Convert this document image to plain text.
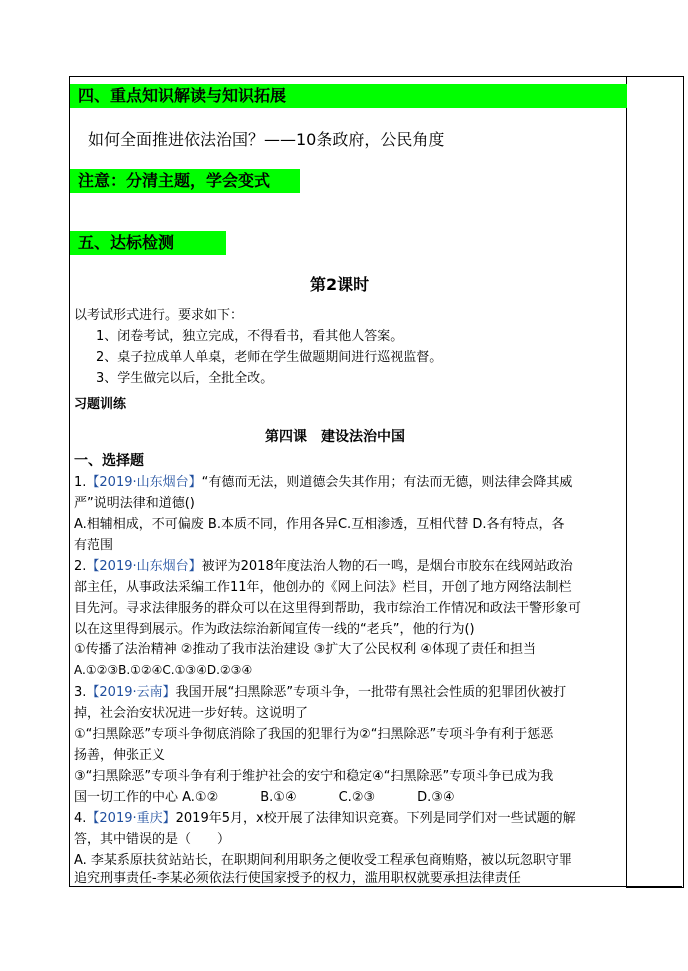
四、重点知识解读与知识拓展
如何全面推进依法治国？——10条政府，公民角度
注意：分清主题，学会变式
五、达标检测
第2课时
以考试形式进行。要求如下：
1、闭卷考试，独立完成，不得看书，看其他人答案。
2、桌子拉成单人单桌，老师在学生做题期间进行巡视监督。
3、学生做完以后，全批全改。
习题训练
第四课　建设法治中国
一、选择题
1.【2019·山东烟台】“有德而无法，则道德会失其作用；有法而无德，则法律会降其威
严”说明法律和道德()
A.相辅相成，不可偏废 B.本质不同，作用各异C.互相渗透，互相代替 D.各有特点，各
有范围
2.【2019·山东烟台】被评为2018年度法治人物的石一鸣，是烟台市胶东在线网站政治
部主任，从事政法采编工作11年，他创办的《网上问法》栏目，开创了地方网络法制栏
目先河。寻求法律服务的群众可以在这里得到帮助，我市综治工作情况和政法干警形象可
以在这里得到展示。作为政法综治新闻宣传一线的“老兵”，他的行为()
①传播了法治精神 ②推动了我市法治建设 ③扩大了公民权利 ④体现了责任和担当
A.①②③B.①②④C.①③④D.②③④
3.【2019·云南】我国开展“扫黑除恶”专项斗争，一批带有黑社会性质的犯罪团伙被打
掉，社会治安状况进一步好转。这说明了
①“扫黑除恶”专项斗争彻底消除了我国的犯罪行为②“扫黑除恶”专项斗争有利于惩恶
扬善，伸张正义
③“扫黑除恶”专项斗争有利于维护社会的安宁和稳定④“扫黑除恶”专项斗争已成为我
国一切工作的中心 A.①②	B.①④	C.②③	D.③④
4.【2019·重庆】2019年5月，x校开展了法律知识竞赛。下列是同学们对一些试题的解
答，其中错误的是（　　）
A. 李某系原扶贫站站长，在职期间利用职务之便收受工程承包商贿赂，被以玩忽职守罪
追究刑事责任-李某必须依法行使国家授予的权力，滥用职权就要承担法律责任
